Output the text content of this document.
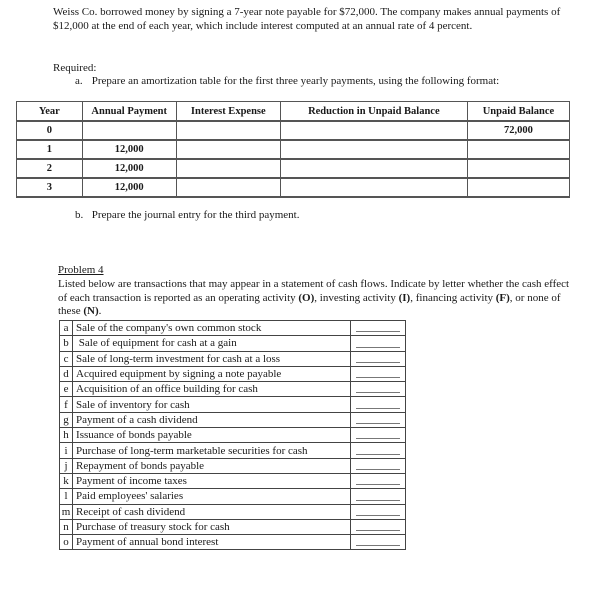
Weiss Co. borrowed money by signing a 7-year note payable for $72,000. The company makes annual payments of $12,000 at the end of each year, which include interest computed at an annual rate of 4 percent.

Required:

a. Prepare an amortization table for the first three yearly payments, using the following format:

Year	Annual Payment	Interest Expense	Reduction in Unpaid Balance	Unpaid Balance
0				72,000
1	12,000			
2	12,000			
3	12,000			

b. Prepare the journal entry for the third payment.

Problem 4

Listed below are transactions that may appear in a statement of cash flows. Indicate by letter whether the cash effect of each transaction is reported as an operating activity (O), investing activity (I), financing activity (F), or none of these (N).

a	Sale of the company's own common stock	

b	Sale of equipment for cash at a gain	

c	Sale of long-term investment for cash at a loss	

d	Acquired equipment by signing a note payable	

e	Acquisition of an office building for cash	

f	Sale of inventory for cash	

g	Payment of a cash dividend	

h	Issuance of bonds payable	

i	Purchase of long-term marketable securities for cash	

j	Repayment of bonds payable	

k	Payment of income taxes	

l	Paid employees' salaries	

m	Receipt of cash dividend	

n	Purchase of treasury stock for cash	

o	Payment of annual bond interest	
